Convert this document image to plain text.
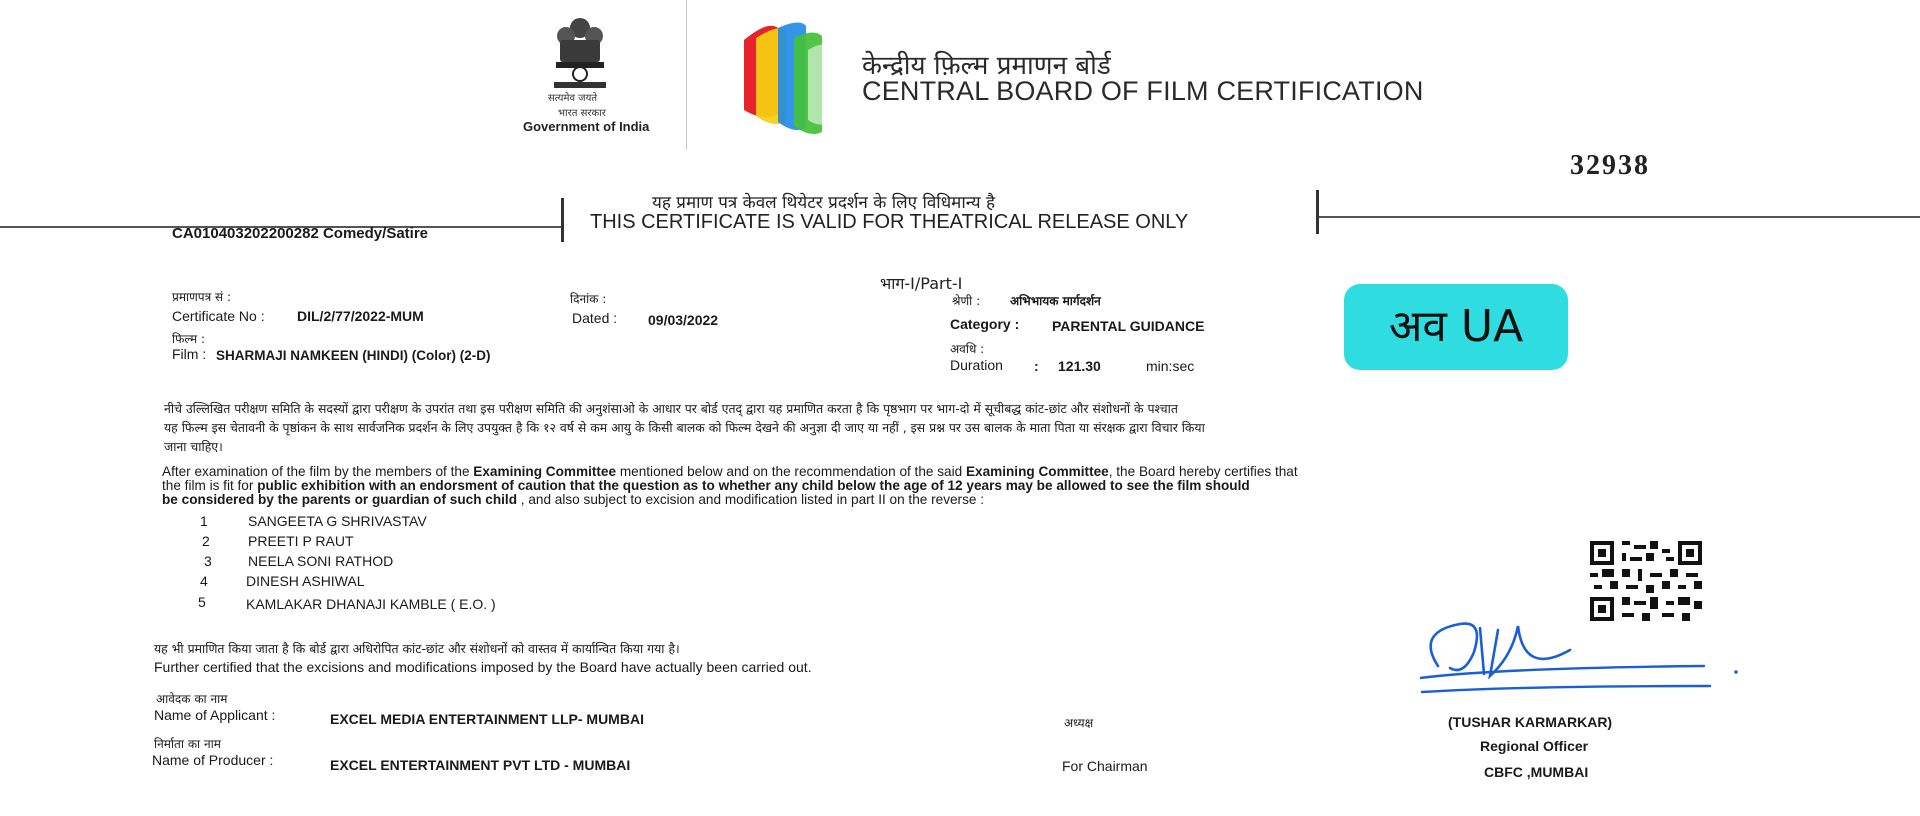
सत्यमेव जयते
भारत सरकार
Government of India
केन्द्रीय फ़िल्म प्रमाणन बोर्ड
CENTRAL BOARD OF FILM CERTIFICATION
32938
यह प्रमाण पत्र केवल थियेटर प्रदर्शन के लिए विधिमान्य है
THIS CERTIFICATE IS VALID FOR THEATRICAL RELEASE ONLY
भाग-I/Part-I
CA010403202200282 Comedy/Satire
प्रमाणपत्र सं :
Certificate No : DIL/2/77/2022-MUM
फिल्म :
Film : SHARMAJI NAMKEEN (HINDI) (Color) (2-D)
दिनांक :
Dated : 09/03/2022
श्रेणी : अभिभायक मार्गदर्शन
Category : PARENTAL GUIDANCE
अवधि :
Duration : 121.30	min:sec
अव UA
नीचे उल्लिखित परीक्षण समिति के सदस्यों द्वारा परीक्षण के उपरांत तथा इस परीक्षण समिति की अनुशंसाओ के आधार पर बोर्ड एतद् द्वारा यह प्रमाणित करता है कि पृष्ठभाग पर भाग-दो में सूचीबद्ध कांट-छांट और संशोधनों के पश्चात
यह फिल्म इस चेतावनी के पृष्ठांकन के साथ सार्वजनिक प्रदर्शन के लिए उपयुक्त है कि १२ वर्ष से कम आयु के किसी बालक को फिल्म देखने की अनुज्ञा दी जाए या नहीं , इस प्रश्न पर उस बालक के माता पिता या संरक्षक द्वारा विचार किया
जाना चाहिए।
After examination of the film by the members of the Examining Committee mentioned below and on the recommendation of the said Examining Committee, the Board hereby certifies that
the film is fit for public exhibition with an endorsment of caution that the question as to whether any child below the age of 12 years may be allowed to see the film should
be considered by the parents or guardian of such child , and also subject to excision and modification listed in part II on the reverse :
1	SANGEETA G SHRIVASTAV
2	PREETI P RAUT
3	NEELA SONI RATHOD
4	DINESH ASHIWAL
5	KAMLAKAR DHANAJI KAMBLE ( E.O. )
यह भी प्रमाणित किया जाता है कि बोर्ड द्वारा अधिरोपित कांट-छांट और संशोधनों को वास्तव में कार्यान्वित किया गया है।
Further certified that the excisions and modifications imposed by the Board have actually been carried out.
आवेदक का नाम
Name of Applicant :	EXCEL MEDIA ENTERTAINMENT LLP- MUMBAI
निर्माता का नाम
Name of Producer :	EXCEL ENTERTAINMENT PVT LTD - MUMBAI
अध्यक्ष
For Chairman
(TUSHAR KARMARKAR)
Regional Officer
CBFC ,MUMBAI
